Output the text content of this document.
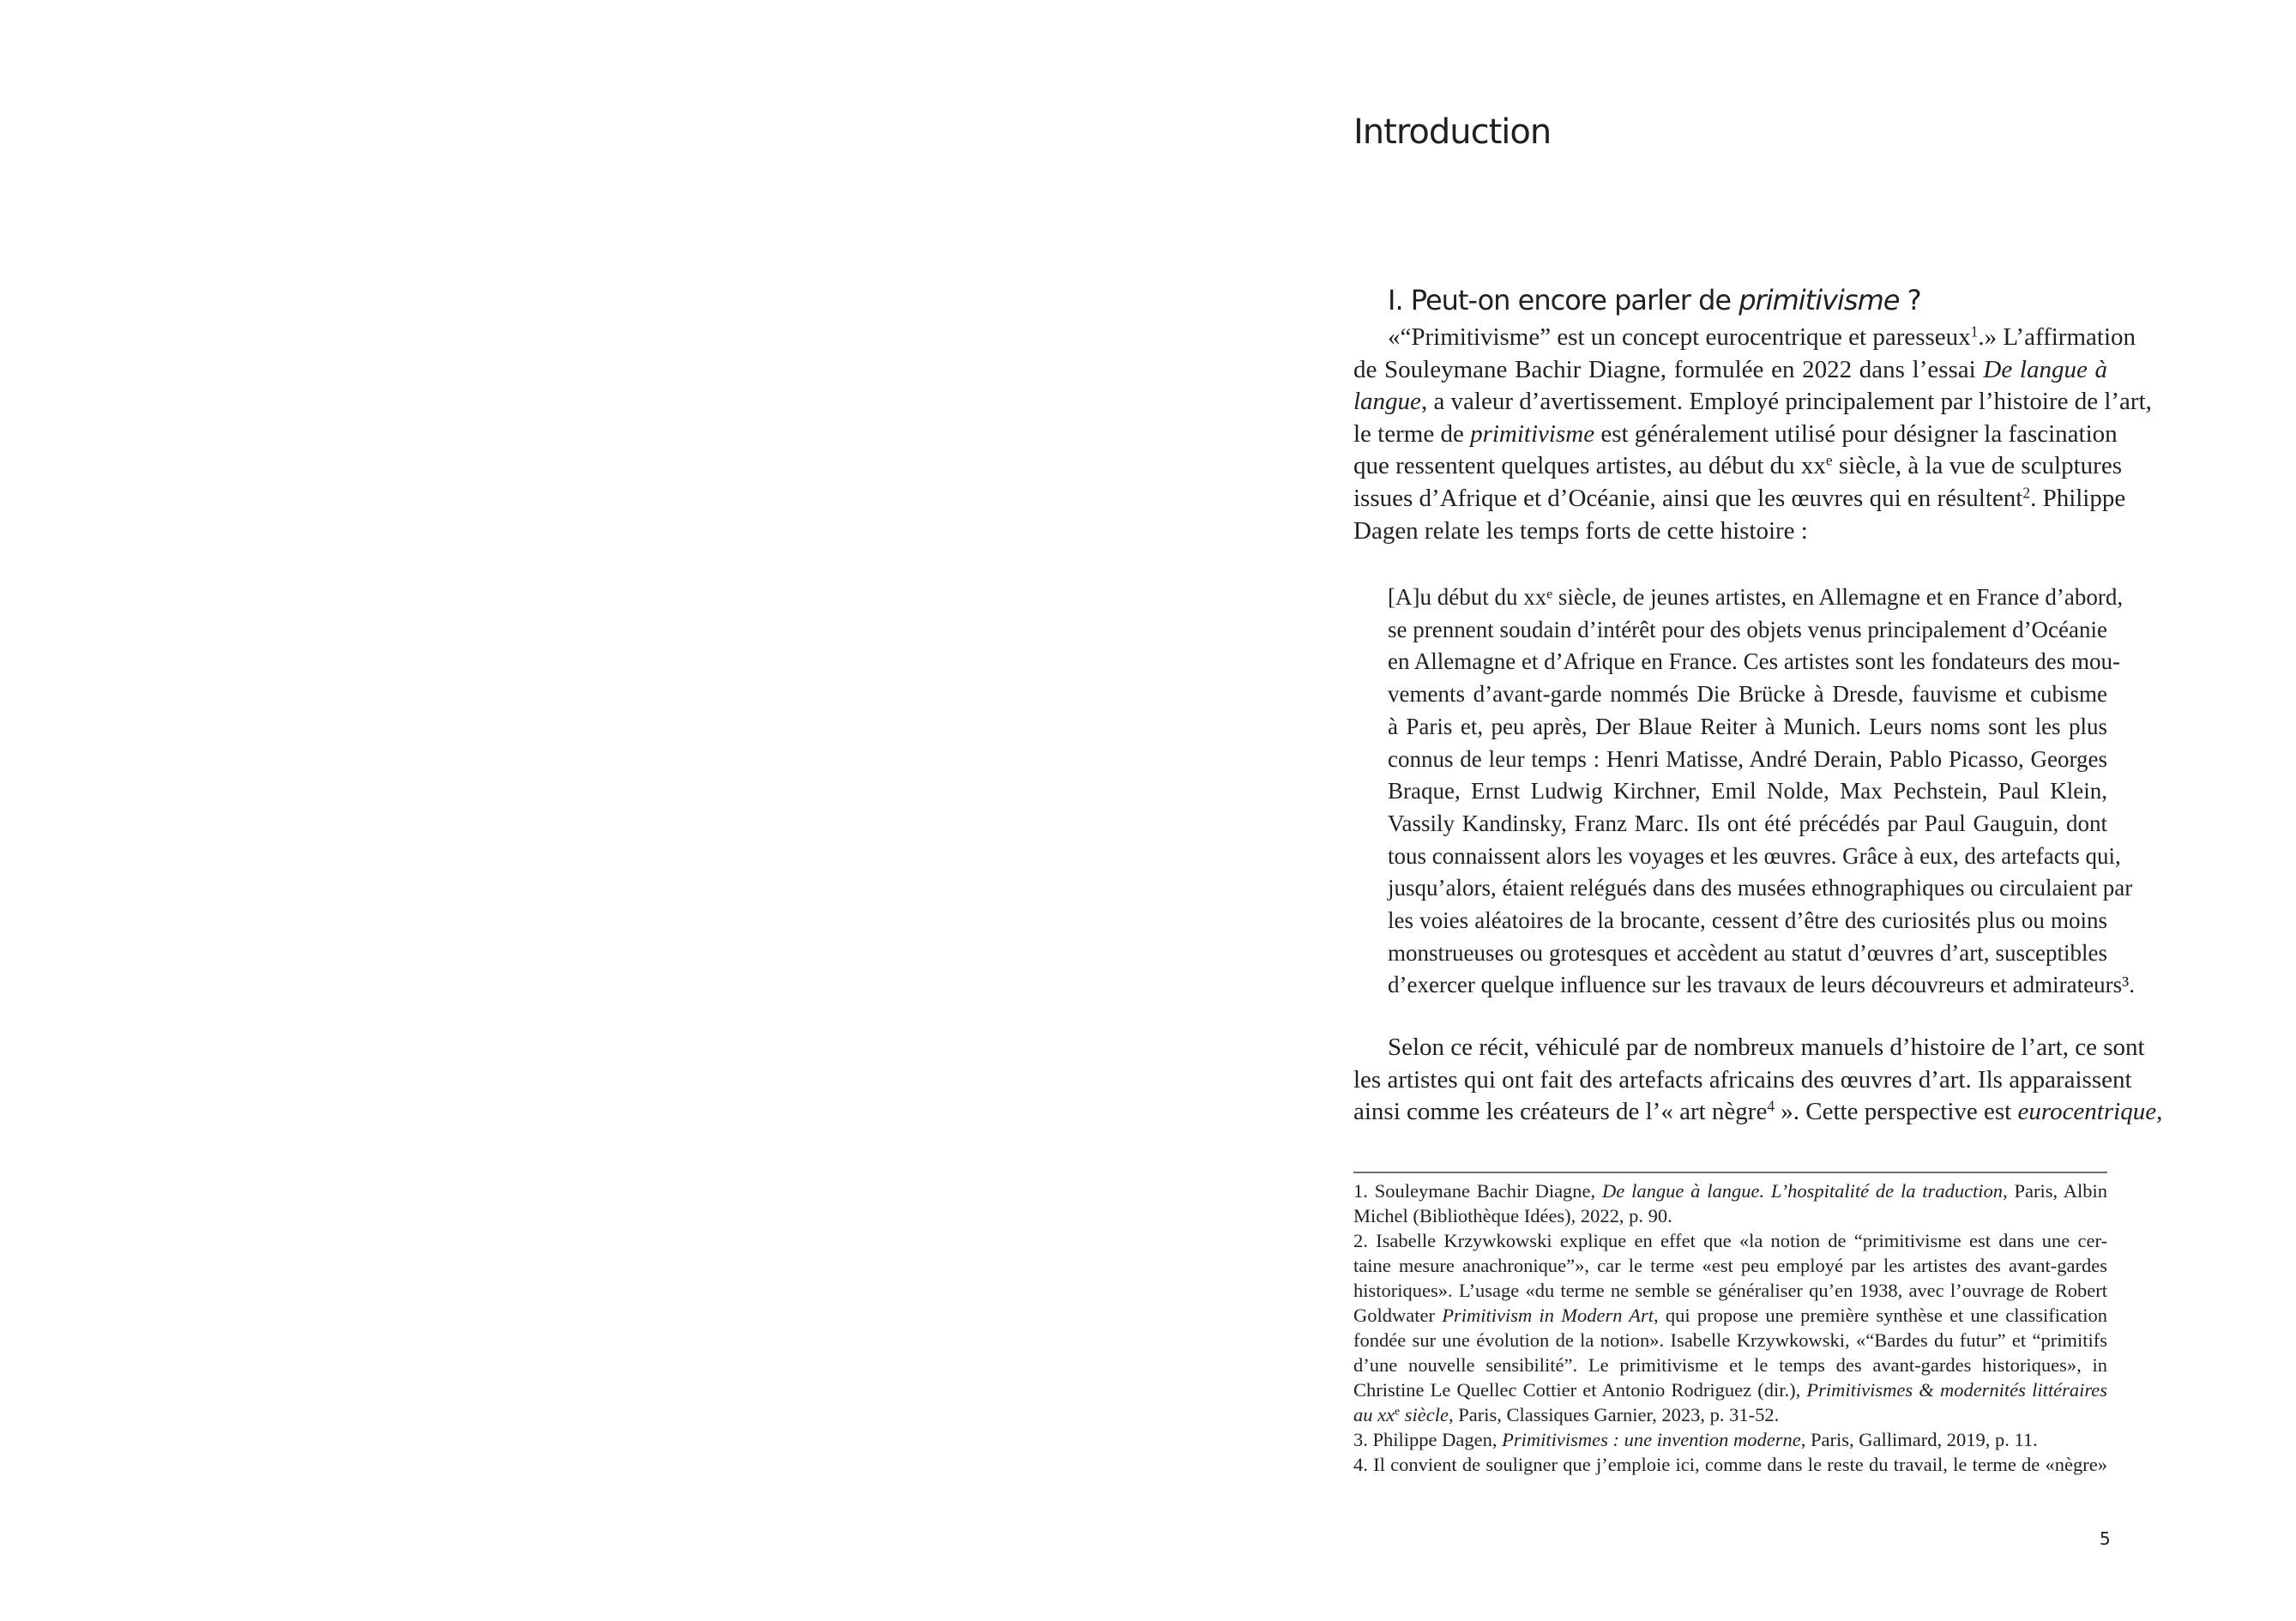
Introduction
I. Peut-on encore parler de primitivisme ?
«“Primitivisme” est un concept eurocentrique et paresseux$^1$.» L’affirmation
de Souleymane Bachir Diagne, formulée en 2022 dans l’essai De langue à
langue, a valeur d’avertissement. Employé principalement par l’histoire de l’art,
le terme de primitivisme est généralement utilisé pour désigner la fascination
que ressentent quelques artistes, au début du $xx^e$ siècle, à la vue de sculptures
issues d’Afrique et d’Océanie, ainsi que les œuvres qui en résultent$^2$. Philippe
Dagen relate les temps forts de cette histoire :
[A]u début du xxᵉ siècle, de jeunes artistes, en Allemagne et en France d’abord,
se prennent soudain d’intérêt pour des objets venus principalement d’Océanie
en Allemagne et d’Afrique en France. Ces artistes sont les fondateurs des mou-
vements d’avant-garde nommés Die Brücke à Dresde, fauvisme et cubisme
à Paris et, peu après, Der Blaue Reiter à Munich. Leurs noms sont les plus
connus de leur temps : Henri Matisse, André Derain, Pablo Picasso, Georges
Braque, Ernst Ludwig Kirchner, Emil Nolde, Max Pechstein, Paul Klein,
Vassily Kandinsky, Franz Marc. Ils ont été précédés par Paul Gauguin, dont
tous connaissent alors les voyages et les œuvres. Grâce à eux, des artefacts qui,
jusqu’alors, étaient relégués dans des musées ethnographiques ou circulaient par
les voies aléatoires de la brocante, cessent d’être des curiosités plus ou moins
monstrueuses ou grotesques et accèdent au statut d’œuvres d’art, susceptibles
d’exercer quelque influence sur les travaux de leurs découvreurs et admirateurs³.
Selon ce récit, véhiculé par de nombreux manuels d’histoire de l’art, ce sont
les artistes qui ont fait des artefacts africains des œuvres d’art. Ils apparaissent
ainsi comme les créateurs de l’« art nègre$^4$ ». Cette perspective est eurocentrique,
1. Souleymane Bachir Diagne, De langue à langue. L’hospitalité de la traduction, Paris, Albin
Michel (Bibliothèque Idées), 2022, p. 90.
2. Isabelle Krzywkowski explique en effet que «la notion de “primitivisme est dans une cer-
taine mesure anachronique”», car le terme «est peu employé par les artistes des avant-gardes
historiques». L’usage «du terme ne semble se généraliser qu’en 1938, avec l’ouvrage de Robert
Goldwater Primitivism in Modern Art, qui propose une première synthèse et une classification
fondée sur une évolution de la notion». Isabelle Krzywkowski, «“Bardes du futur” et “primitifs
d’une nouvelle sensibilité”. Le primitivisme et le temps des avant-gardes historiques», in
Christine Le Quellec Cottier et Antonio Rodriguez (dir.), Primitivismes & modernités littéraires
au $xx^e$ siècle, Paris, Classiques Garnier, 2023, p. 31-52.
3. Philippe Dagen, Primitivismes : une invention moderne, Paris, Gallimard, 2019, p. 11.
4. Il convient de souligner que j’emploie ici, comme dans le reste du travail, le terme de «nègre»
5
